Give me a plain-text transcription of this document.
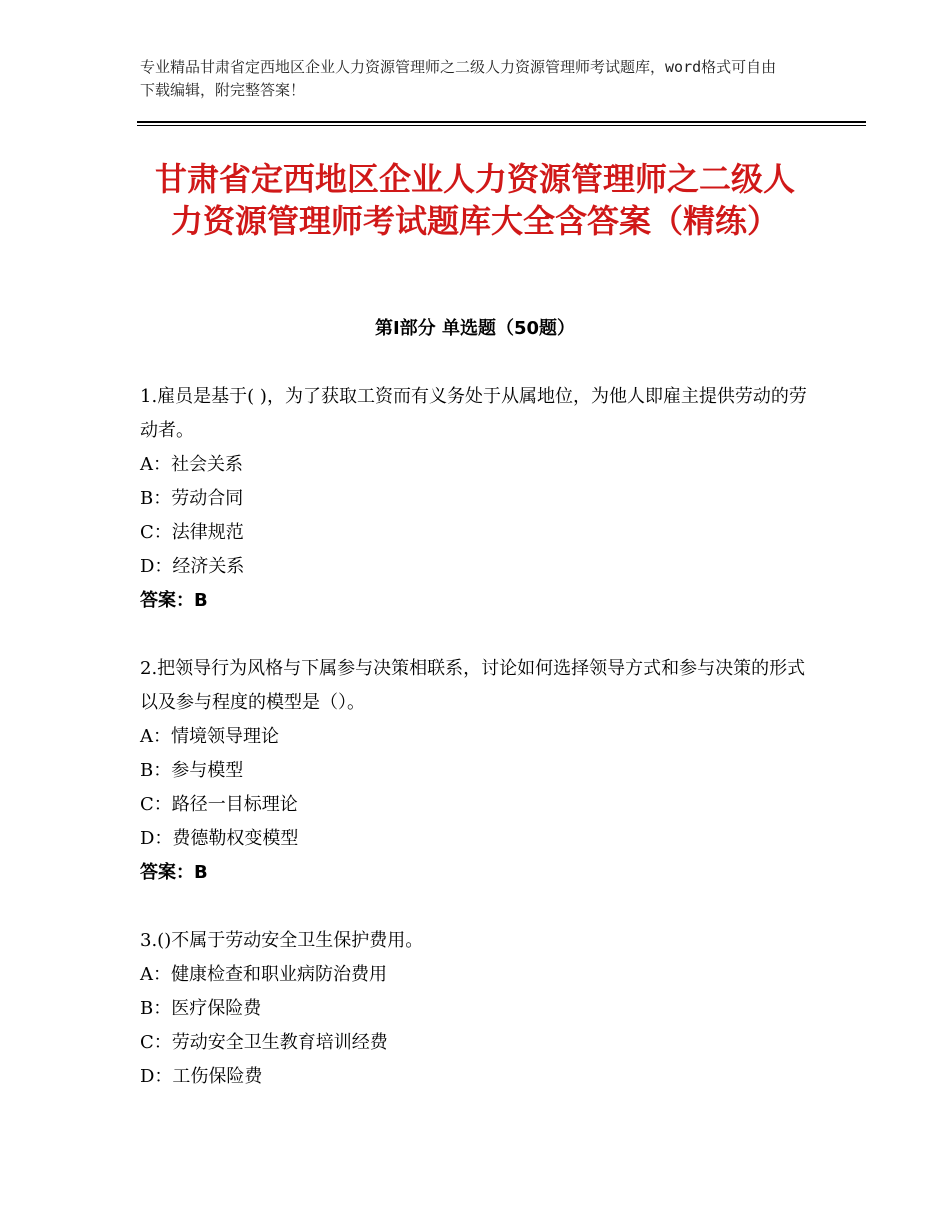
专业精品甘肃省定西地区企业人力资源管理师之二级人力资源管理师考试题库，word格式可自由下载编辑，附完整答案！
甘肃省定西地区企业人力资源管理师之二级人力资源管理师考试题库大全含答案（精练）
第Ⅰ部分 单选题（50题）
1.雇员是基于( )，为了获取工资而有义务处于从属地位，为他人即雇主提供劳动的劳动者。
A：社会关系
B：劳动合同
C：法律规范
D：经济关系
答案：B
2.把领导行为风格与下属参与决策相联系，讨论如何选择领导方式和参与决策的形式以及参与程度的模型是（）。
A：情境领导理论
B：参与模型
C：路径一目标理论
D：费德勒权变模型
答案：B
3.()不属于劳动安全卫生保护费用。
A：健康检查和职业病防治费用
B：医疗保险费
C：劳动安全卫生教育培训经费
D：工伤保险费
